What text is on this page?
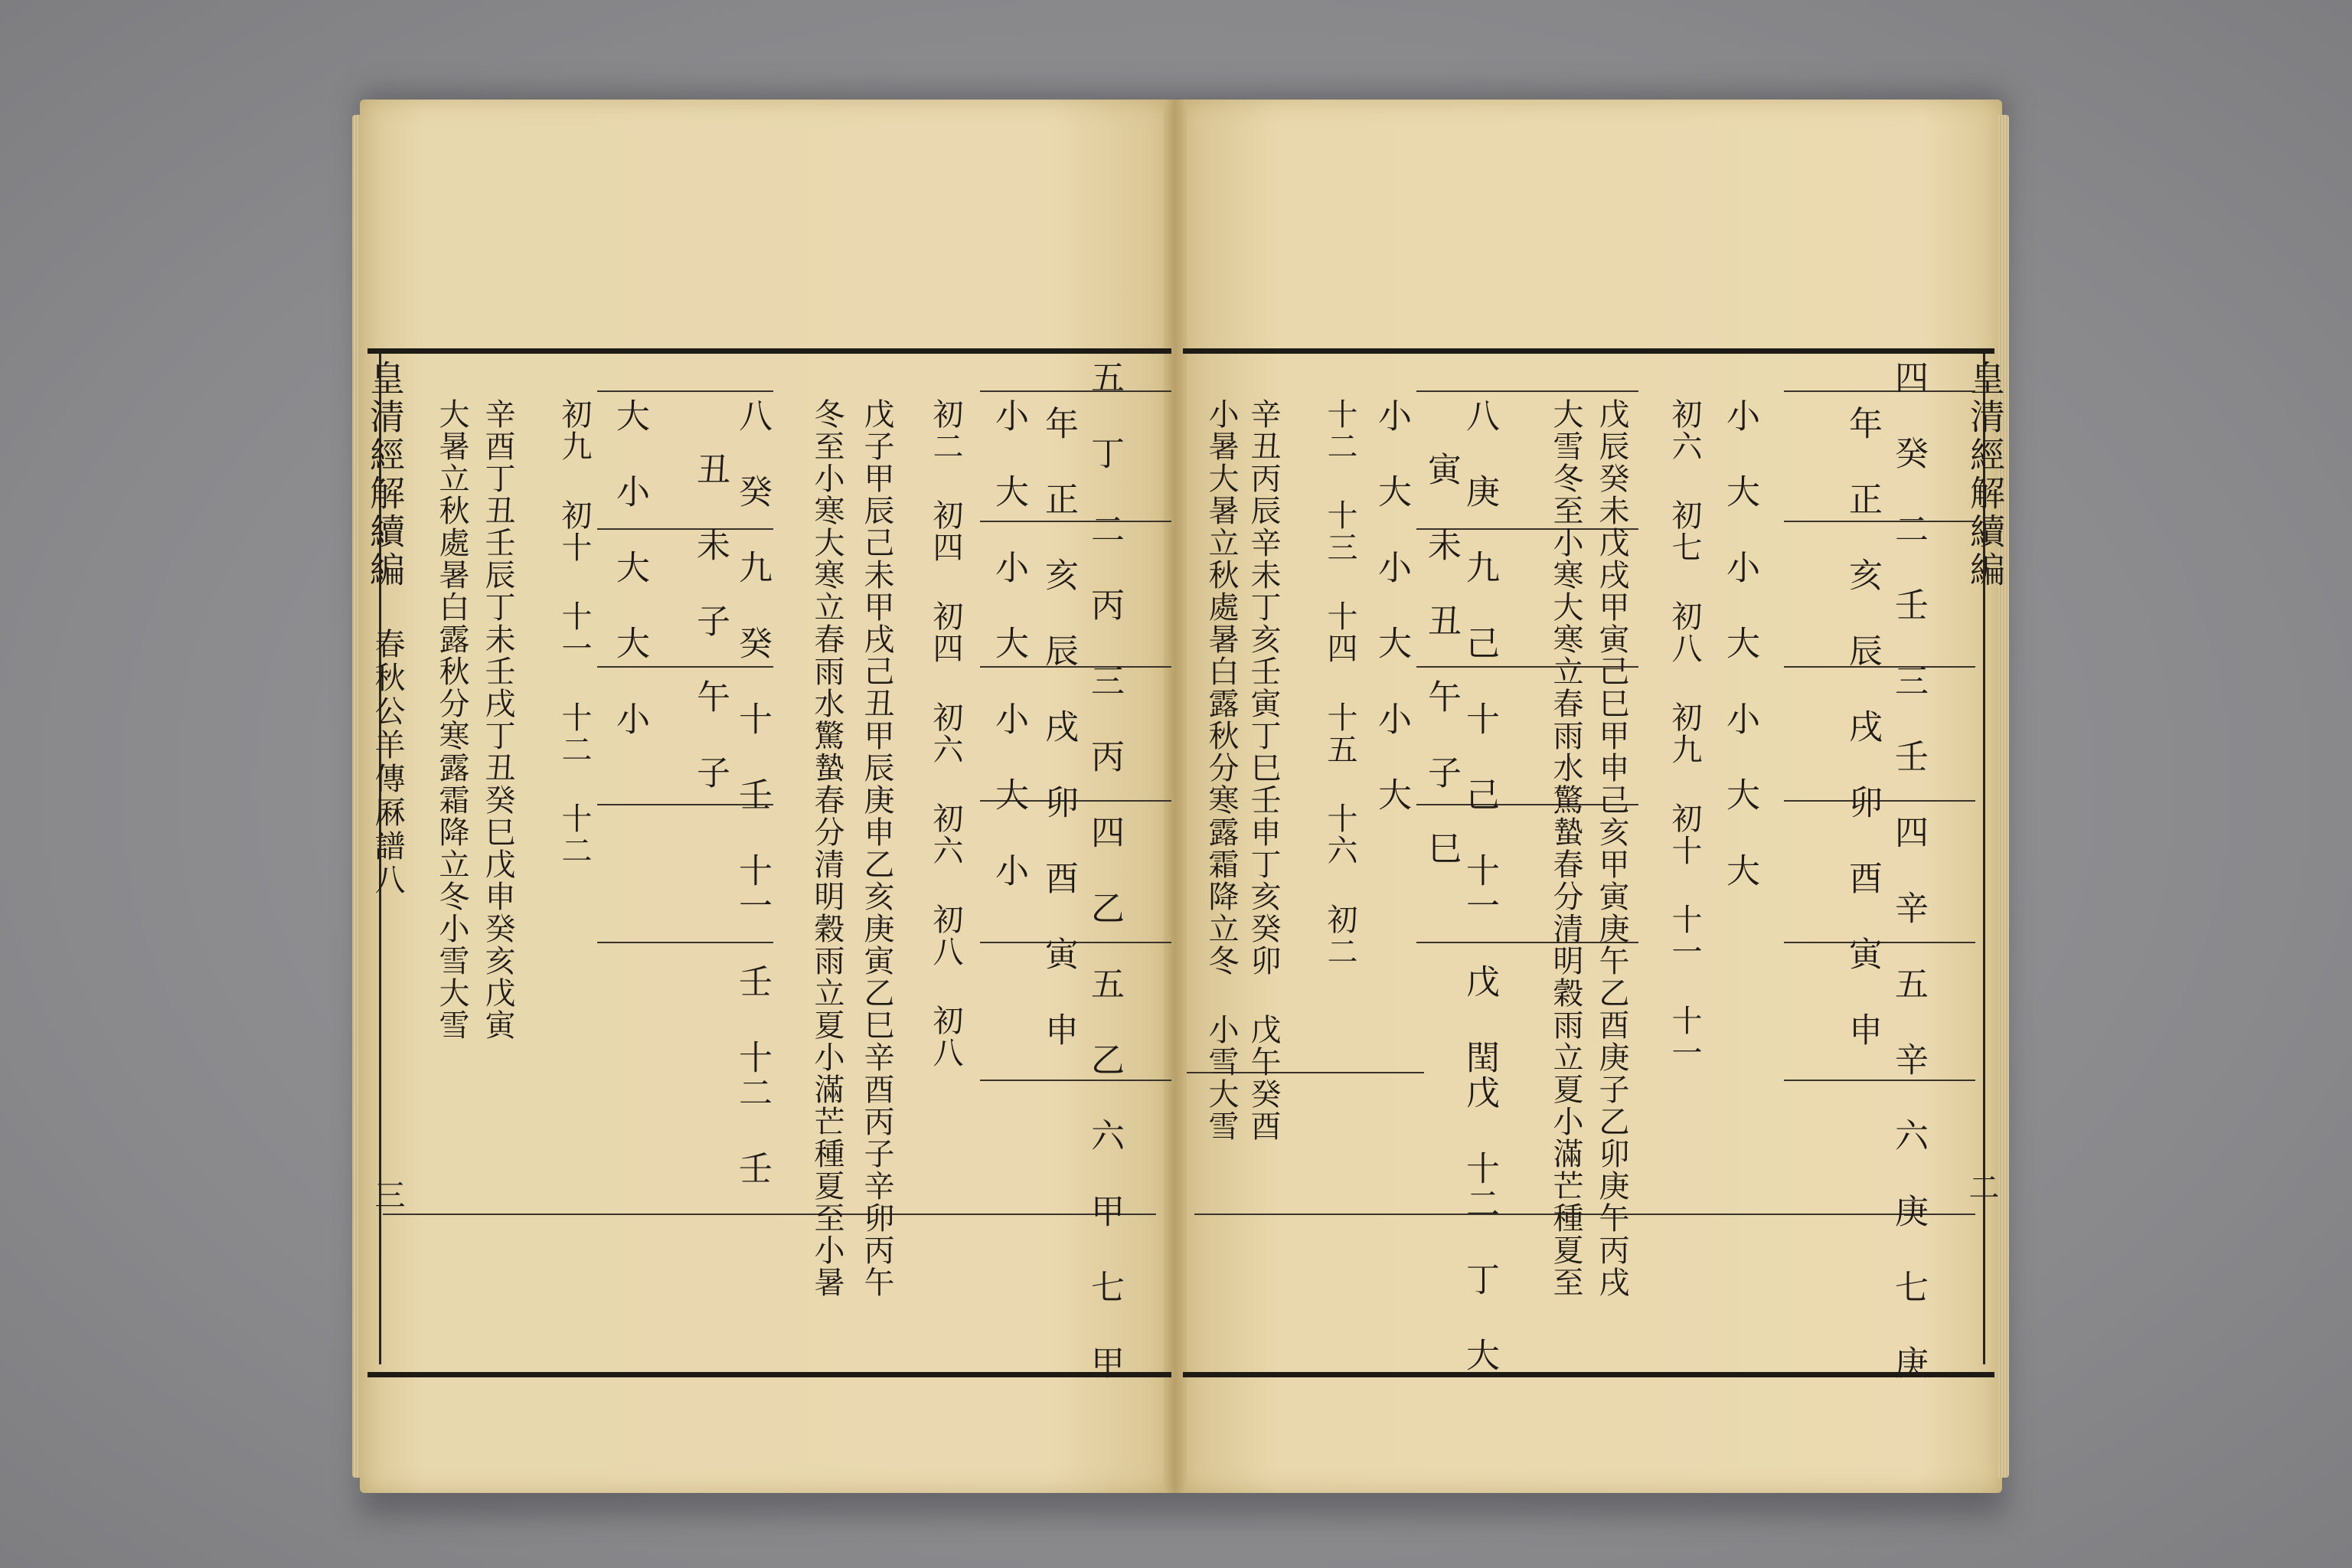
皇清經解續編
春秋公羊傳厤譜八
三
皇清經解續編
二
四 癸 二 壬 三 壬 四 辛 五 辛 六 庚 七 庚
年 正 亥 辰 戌 卯 酉 寅 申
小 大 小 大 小 大 大
初六 初七 初八 初九 初十 十一 十一
戊辰癸未戊戌甲寅己巳甲申己亥甲寅庚午乙酉庚子乙卯庚午丙戌
大雪冬至小寒大寒立春雨水驚蟄春分清明穀雨立夏小滿芒種夏至
八 庚 九 己 十 己 十一 戊 閏戊 十二 丁 大
寅 未 丑 午 子 巳
小 大 小 大 小 大
十二 十三 十四 十五 十六 初二
辛丑丙辰辛未丁亥壬寅丁巳壬申丁亥癸卯 戊午癸酉
小暑大暑立秋處暑白露秋分寒露霜降立冬 小雪大雪
五 丁 二 丙 三 丙 四 乙 五 乙 六 甲 七 甲
年 正 亥 辰 戌 卯 酉 寅 申
小 大 小 大 小 大 小
初二 初四 初四 初六 初六 初八 初八
戊子甲辰己未甲戌己丑甲辰庚申乙亥庚寅乙巳辛酉丙子辛卯丙午
冬至小寒大寒立春雨水驚蟄春分清明穀雨立夏小滿芒種夏至小暑
八 癸 九 癸 十 壬 十一 壬 十二 壬
丑 未 子 午 子
大 小 大 大 小
初九 初十 十一 十二 十二
辛酉丁丑壬辰丁未壬戌丁丑癸巳戊申癸亥戊寅
大暑立秋處暑白露秋分寒露霜降立冬小雪大雪
